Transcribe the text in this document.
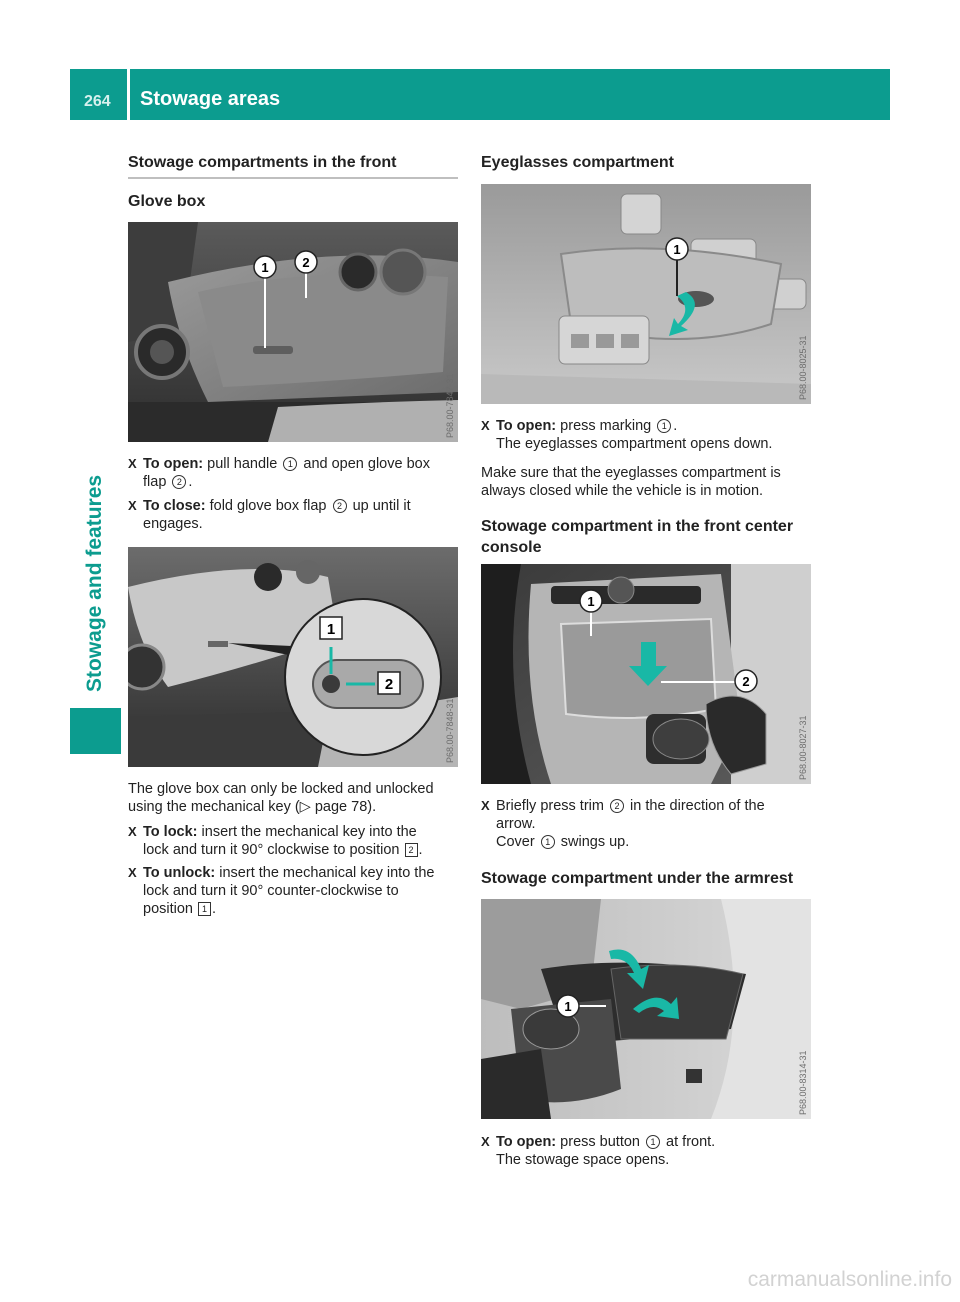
264 Stowage areas
Stowage and features
Stowage compartments in the front
Glove box
1	2
P68.00-7847-31
X To open: pull handle 1 and open glove box
flap 2 .
X To close: fold glove box flap 2 up until it
engages.
1
2
P68.00-7848-31
The glove box can only be locked and unlocked
using the mechanical key (▷ page 78).
X To lock: insert the mechanical key into the
lock and turn it 90° clockwise to position 2 .
X To unlock: insert the mechanical key into the
lock and turn it 90° counter-clockwise to
position 1 .
Eyeglasses compartment
1
P68.00-8025-31
X To open: press marking 1 .
The eyeglasses compartment opens down.
Make sure that the eyeglasses compartment is
always closed while the vehicle is in motion.
Stowage compartment in the front center
console
1
2
P68.00-8027-31
X Briefly press trim 2 in the direction of the
arrow.
Cover 1 swings up.
Stowage compartment under the armrest
1
P68.00-8314-31
X To open: press button 1 at front.
The stowage space opens.
carmanualsonline.info
